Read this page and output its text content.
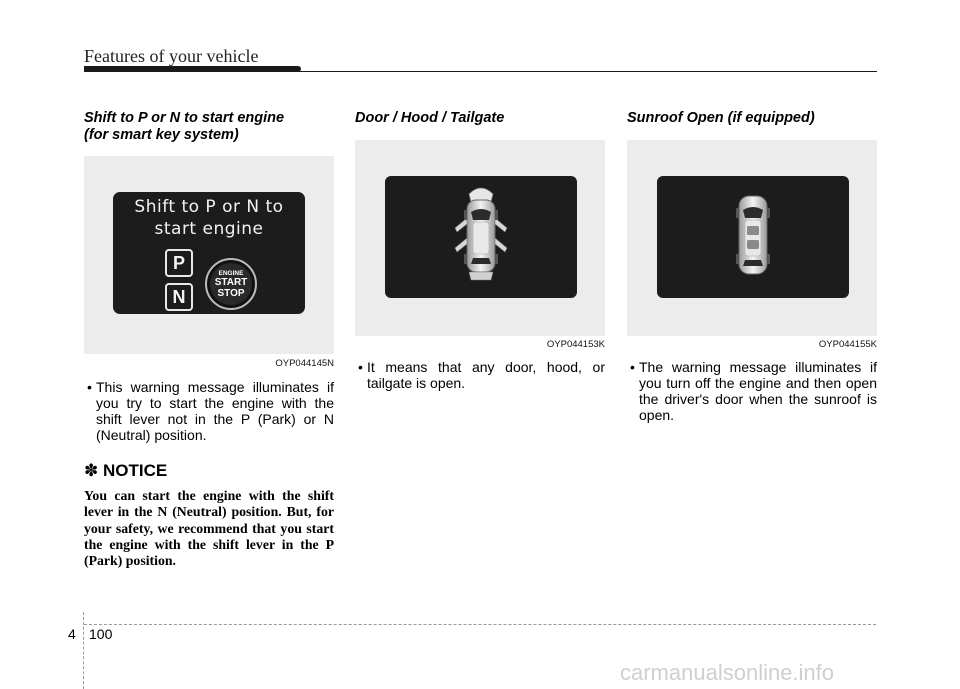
Features of your vehicle
Shift to P or N to start engine
(for smart key system)
Shift to P or N to
start engine
P
N
ENGINE
START
STOP
OYP044145N
• This warning message illuminates if you try to start the engine with the shift lever not in the P (Park) or N (Neutral) position.
✽ NOTICE
You can start the engine with the shift lever in the N (Neutral) position. But, for your safety, we recommend that you start the engine with the shift lever in the P (Park) position.
Door / Hood / Tailgate
OYP044153K
• It means that any door, hood, or tailgate is open.
Sunroof Open (if equipped)
OYP044155K
• The warning message illuminates if you turn off the engine and then open the driver's door when the sunroof is open.
4 100
carmanualsonline.info
